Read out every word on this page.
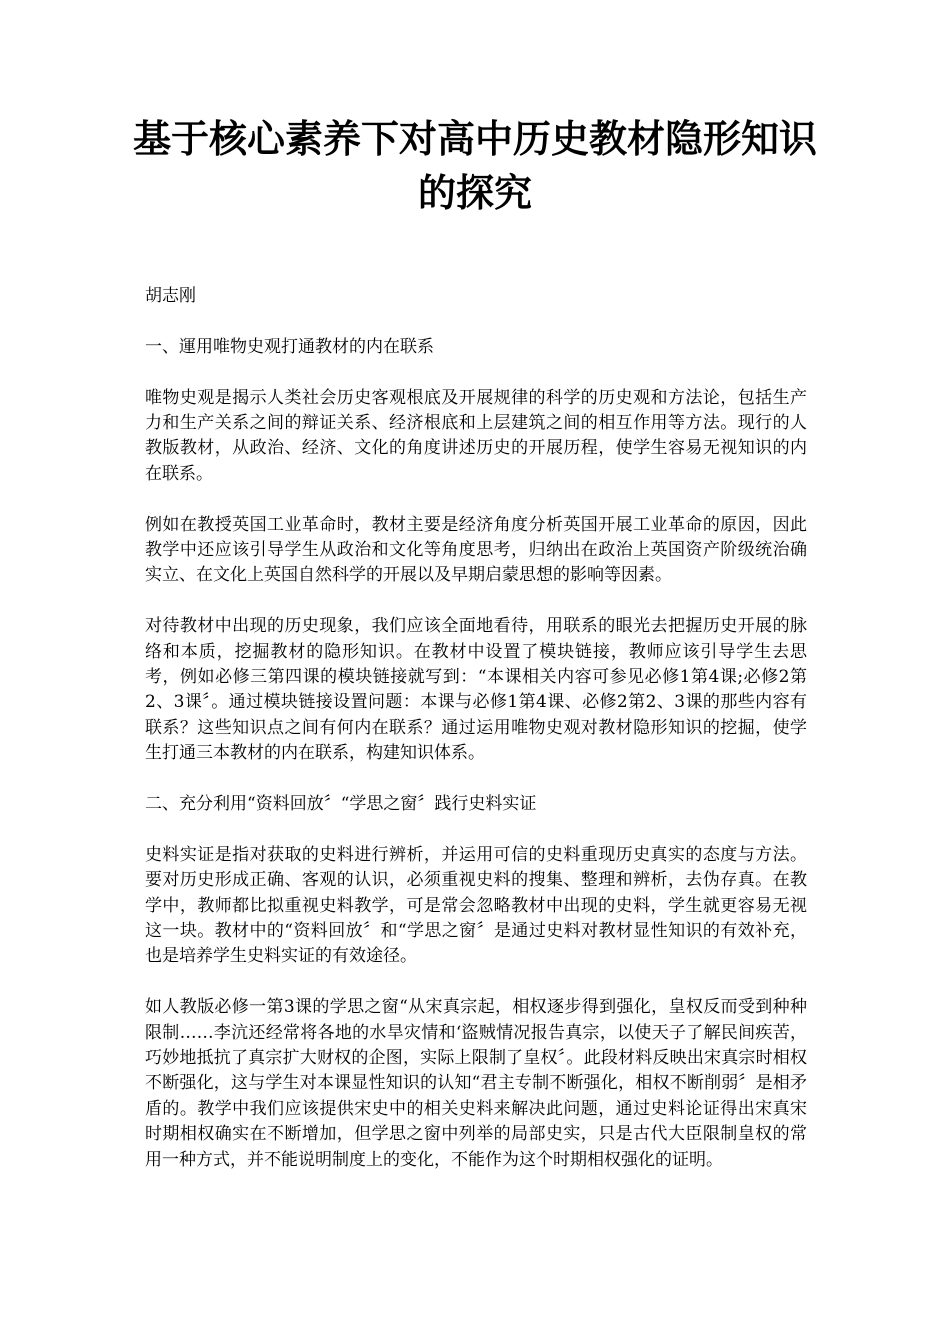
基于核心素养下对高中历史教材隐形知识的探究

胡志刚

一、運用唯物史观打通教材的内在联系

唯物史观是揭示人类社会历史客观根底及开展规律的科学的历史观和方法论，包括生产力和生产关系之间的辩证关系、经济根底和上层建筑之间的相互作用等方法。现行的人教版教材，从政治、经济、文化的角度讲述历史的开展历程，使学生容易无视知识的内在联系。

例如在教授英国工业革命时，教材主要是经济角度分析英国开展工业革命的原因，因此教学中还应该引导学生从政治和文化等角度思考，归纳出在政治上英国资产阶级统治确实立、在文化上英国自然科学的开展以及早期启蒙思想的影响等因素。

对待教材中出现的历史现象，我们应该全面地看待，用联系的眼光去把握历史开展的脉络和本质，挖掘教材的隐形知识。在教材中设置了模块链接，教师应该引导学生去思考，例如必修三第四课的模块链接就写到：“本课相关内容可参见必修1第4课;必修2第2、3课〞。通过模块链接设置问题：本课与必修1第4课、必修2第2、3课的那些内容有联系？这些知识点之间有何内在联系？通过运用唯物史观对教材隐形知识的挖掘，使学生打通三本教材的内在联系，构建知识体系。

二、充分利用“资料回放〞“学思之窗〞践行史料实证

史料实证是指对获取的史料进行辨析，并运用可信的史料重现历史真实的态度与方法。要对历史形成正确、客观的认识，必须重视史料的搜集、整理和辨析，去伪存真。在教学中，教师都比拟重视史料教学，可是常会忽略教材中出现的史料，学生就更容易无视这一块。教材中的“资料回放〞和“学思之窗〞是通过史料对教材显性知识的有效补充，也是培养学生史料实证的有效途径。

如人教版必修一第3课的学思之窗“从宋真宗起，相权逐步得到强化，皇权反而受到种种限制……李沆还经常将各地的水旱灾情和‘盜贼情况报告真宗，以使天子了解民间疾苦，巧妙地抵抗了真宗扩大财权的企图，实际上限制了皇权〞。此段材料反映出宋真宗时相权不断强化，这与学生对本课显性知识的认知“君主专制不断强化，相权不断削弱〞是相矛盾的。教学中我们应该提供宋史中的相关史料来解决此问题，通过史料论证得出宋真宋时期相权确实在不断增加，但学思之窗中列举的局部史实，只是古代大臣限制皇权的常用一种方式，并不能说明制度上的变化，不能作为这个时期相权强化的证明。
